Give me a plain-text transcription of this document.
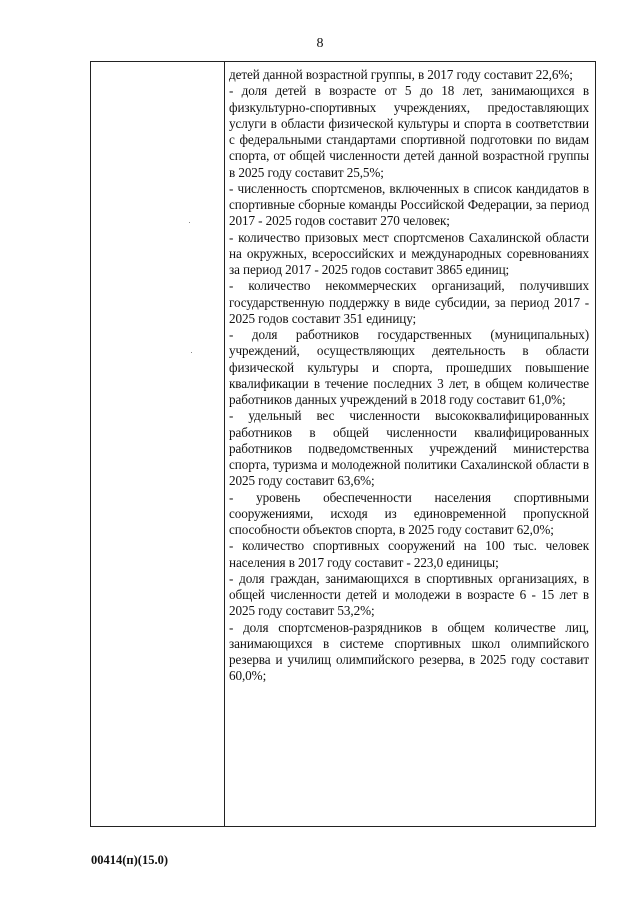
8

детей данной возрастной группы, в 2017 году составит 22,6%;

- доля детей в возрасте от 5 до 18 лет, занимающихся в физкультурно-спортивных учреждениях, предоставляющих услуги в области физической культуры и спорта в соответствии с федеральными стандартами спортивной подготовки по видам спорта, от общей численности детей данной возрастной группы в 2025 году составит 25,5%;

- численность спортсменов, включенных в список кандидатов в спортивные сборные команды Российской Федерации, за период 2017 - 2025 годов составит 270 человек;

- количество призовых мест спортсменов Сахалинской области на окружных, всероссийских и международных соревнованиях за период 2017 - 2025 годов составит 3865 единиц;

- количество некоммерческих организаций, получивших государственную поддержку в виде субсидии, за период 2017 - 2025 годов составит 351 единицу;

- доля работников государственных (муниципальных) учреждений, осуществляющих деятельность в области физической культуры и спорта, прошедших повышение квалификации в течение последних 3 лет, в общем количестве работников данных учреждений в 2018 году составит 61,0%;

- удельный вес численности высококвалифицированных работников в общей численности квалифицированных работников подведомственных учреждений министерства спорта, туризма и молодежной политики Сахалинской области в 2025 году составит 63,6%;

- уровень обеспеченности населения спортивными сооружениями, исходя из единовременной пропускной способности объектов спорта, в 2025 году составит 62,0%;

- количество спортивных сооружений на 100 тыс. человек населения в 2017 году составит - 223,0 единицы;

- доля граждан, занимающихся в спортивных организациях, в общей численности детей и молодежи в возрасте 6 - 15 лет в 2025 году составит 53,2%;

- доля спортсменов-разрядников в общем количестве лиц, занимающихся в системе спортивных школ олимпийского резерва и училищ олимпийского резерва, в 2025 году составит 60,0%;

00414(п)(15.0)
